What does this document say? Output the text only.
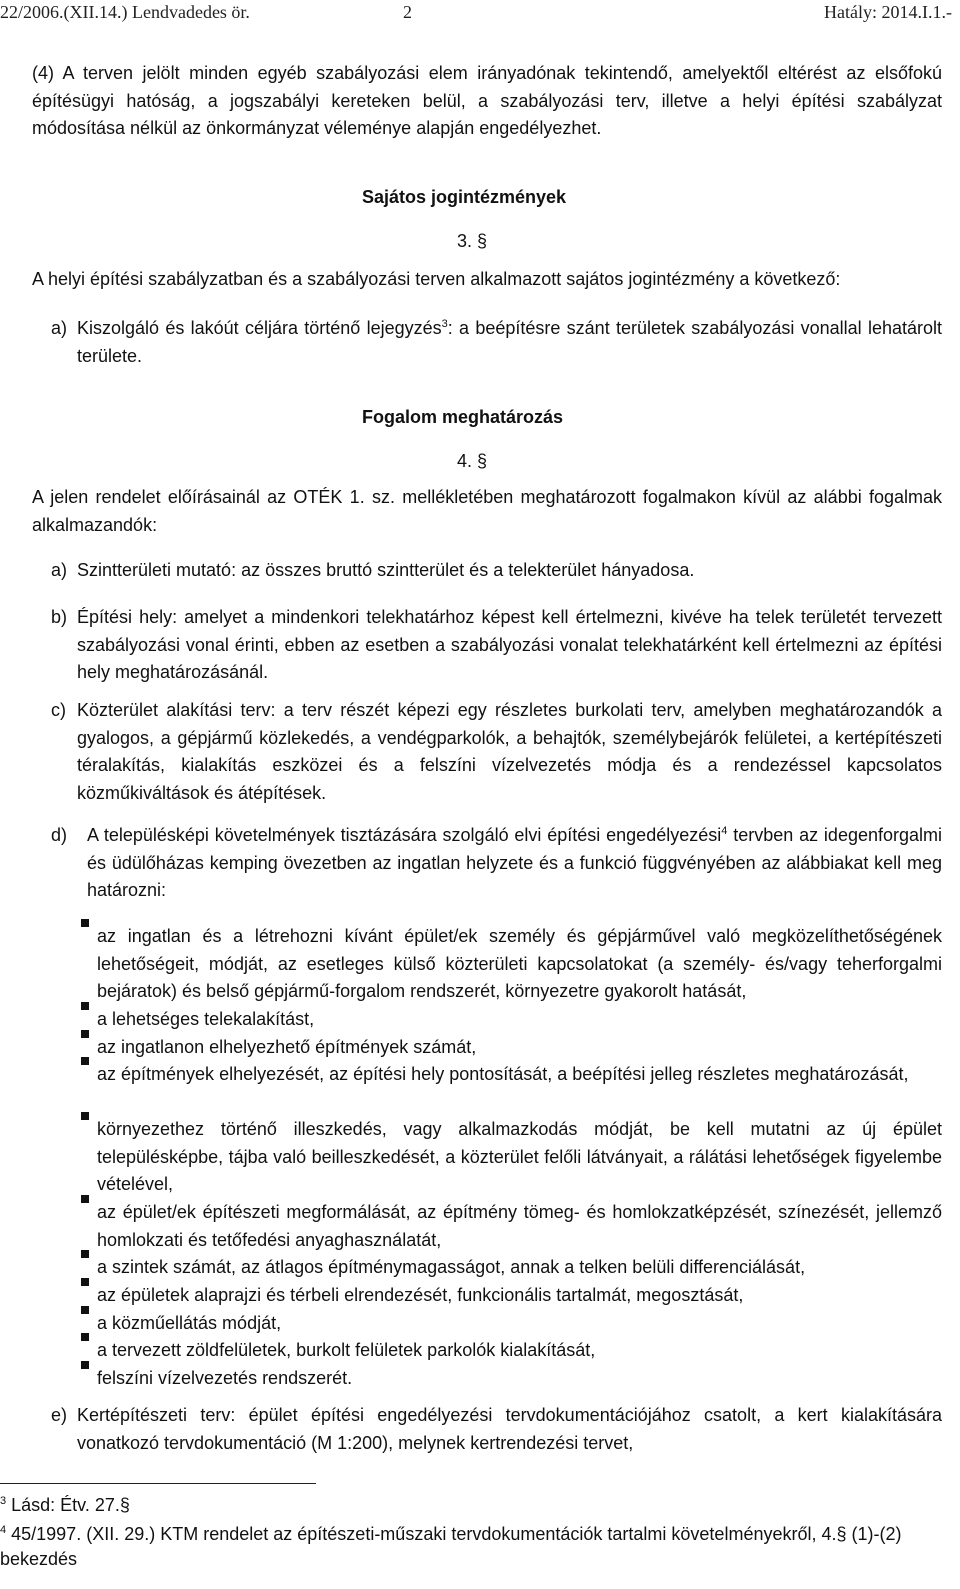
22/2006.(XII.14.) Lendvadedes ör.	2	Hatály: 2014.I.1.-

(4) A terven jelölt minden egyéb szabályozási elem irányadónak tekintendő, amelyektől eltérést az elsőfokú építésügyi hatóság, a jogszabályi kereteken belül, a szabályozási terv, illetve a helyi építési szabályzat módosítása nélkül az önkormányzat véleménye alapján engedélyezhet.

Sajátos jogintézmények
3. §

A helyi építési szabályzatban és a szabályozási terven alkalmazott sajátos jogintézmény a következő:

a) Kiszolgáló és lakóút céljára történő lejegyzés$^3$: a beépítésre szánt területek szabályozási vonallal lehatárolt területe.

Fogalom meghatározás
4. §

A jelen rendelet előírásainál az OTÉK 1. sz. mellékletében meghatározott fogalmakon kívül az alábbi fogalmak alkalmazandók:

a) Szintterületi mutató: az összes bruttó szintterület és a telekterület hányadosa.

b) Építési hely: amelyet a mindenkori telekhatárhoz képest kell értelmezni, kivéve ha telek területét tervezett szabályozási vonal érinti, ebben az esetben a szabályozási vonalat telekhatárként kell értelmezni az építési hely meghatározásánál.

c) Közterület alakítási terv: a terv részét képezi egy részletes burkolati terv, amelyben meghatározandók a gyalogos, a gépjármű közlekedés, a vendégparkolók, a behajtók, személybejárók felületei, a kertépítészeti téralakítás, kialakítás eszközei és a felszíni vízelvezetés módja és a rendezéssel kapcsolatos közműkiváltások és átépítések.

d) A településképi követelmények tisztázására szolgáló elvi építési engedélyezési$^4$ tervben az idegenforgalmi és üdülőházas kemping övezetben az ingatlan helyzete és a funkció függvényében az alábbiakat kell meg határozni:

az ingatlan és a létrehozni kívánt épület/ek személy és gépjárművel való megközelíthetőségének lehetőségeit, módját, az esetleges külső közterületi kapcsolatokat (a személy- és/vagy teherforgalmi bejáratok) és belső gépjármű-forgalom rendszerét, környezetre gyakorolt hatását,

a lehetséges telekalakítást,

az ingatlanon elhelyezhető építmények számát,

az építmények elhelyezését, az építési hely pontosítását, a beépítési jelleg részletes meghatározását,

környezethez történő illeszkedés, vagy alkalmazkodás módját, be kell mutatni az új épület településképbe, tájba való beilleszkedését, a közterület felőli látványait, a rálátási lehetőségek figyelembe vételével,

az épület/ek építészeti megformálását, az építmény tömeg- és homlokzatképzését, színezését, jellemző homlokzati és tetőfedési anyaghasználatát,

a szintek számát, az átlagos építménymagasságot, annak a telken belüli differenciálását,

az épületek alaprajzi és térbeli elrendezését, funkcionális tartalmát, megosztását,

a közműellátás módját,

a tervezett zöldfelületek, burkolt felületek parkolók kialakítását,

felszíni vízelvezetés rendszerét.

e) Kertépítészeti terv: épület építési engedélyezési tervdokumentációjához csatolt, a kert kialakítására vonatkozó tervdokumentáció (M 1:200), melynek kertrendezési tervet,

$^3$ Lásd: Étv. 27.§
$^4$ 45/1997. (XII. 29.) KTM rendelet az építészeti-műszaki tervdokumentációk tartalmi követelményekről, 4.§ (1)-(2) bekezdés
